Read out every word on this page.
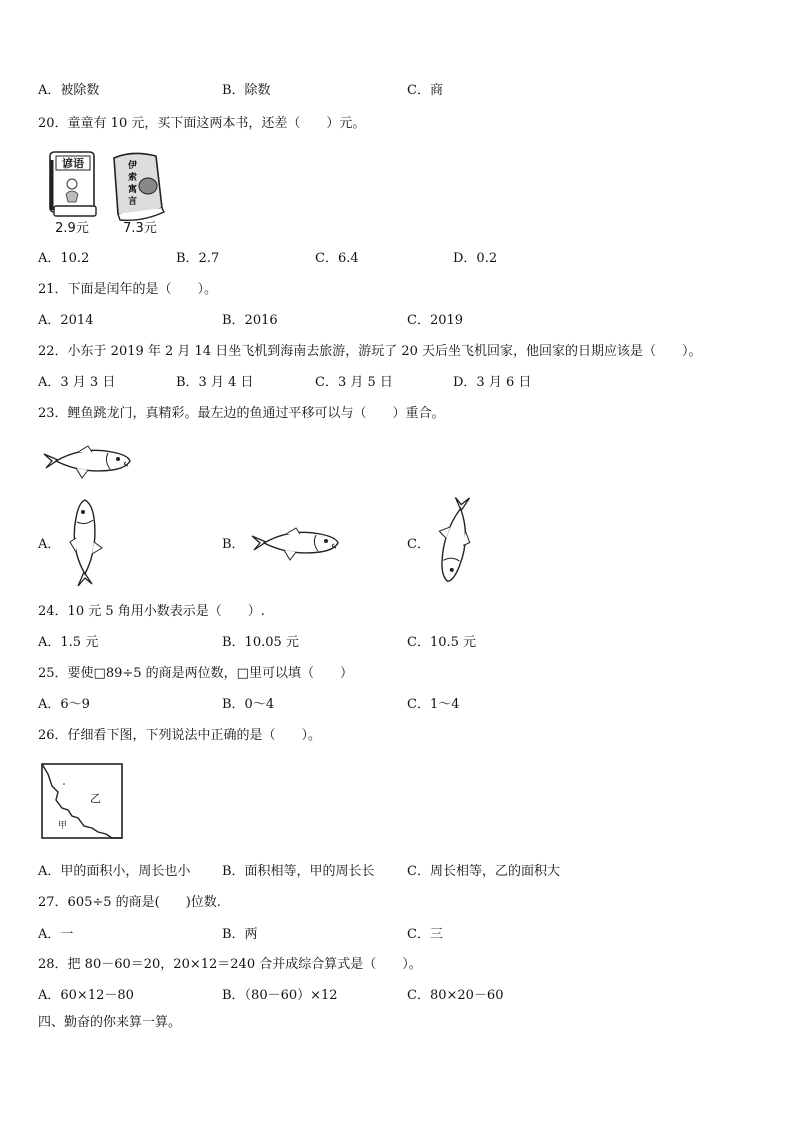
A．被除数	B．除数	C．商
20．童童有 10 元，买下面这两本书，还差（　　）元。
谚语
2.9元
伊
索
寓
言
7.3元
A．10.2	B．2.7	C．6.4	D．0.2
21．下面是闰年的是（　　）。
A．2014	B．2016	C．2019
22．小东于 2019 年 2 月 14 日坐飞机到海南去旅游，游玩了 20 天后坐飞机回家，他回家的日期应该是（　　）。
A．3 月 3 日	B．3 月 4 日	C．3 月 5 日	D．3 月 6 日
23．鲤鱼跳龙门，真精彩。最左边的鱼通过平移可以与（　　）重合。
A．	B．	C．
24．10 元 5 角用小数表示是（　　）.
A．1.5 元	B．10.05 元	C．10.5 元
25．要使□89÷5 的商是两位数，□里可以填（　　）
A．6～9	B．0～4	C．1～4
26．仔细看下图，下列说法中正确的是（　　）。
乙
甲
A．甲的面积小，周长也小 B．面积相等，甲的周长长 C．周长相等，乙的面积大
27．605÷5 的商是(　　)位数.
A．一	B．两	C．三
28．把 80－60＝20，20×12＝240 合并成综合算式是（　　）。
A．60×12－80	B．（80－60）×12	C．80×20－60
四、勤奋的你来算一算。
